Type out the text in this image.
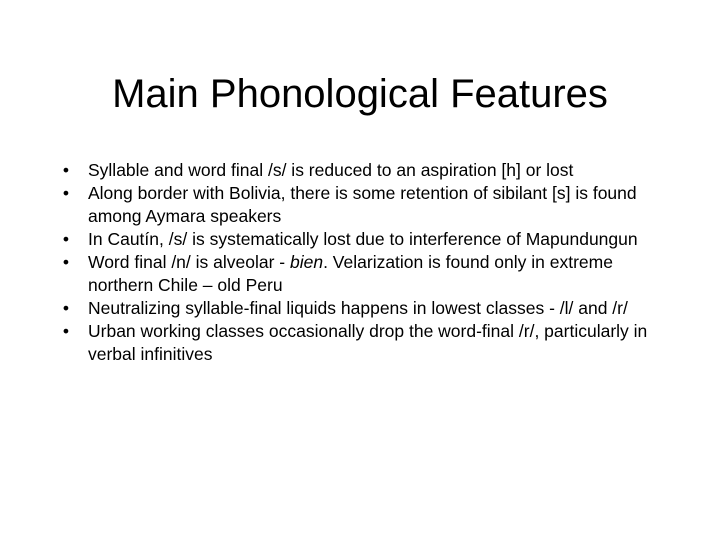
Main Phonological Features
•	Syllable and word final /s/ is reduced to an aspiration [h] or lost
•	Along border with Bolivia, there is some retention of sibilant [s] is found among Aymara speakers
•	In Cautín, /s/ is systematically lost due to interference of Mapundungun
•	Word final /n/ is alveolar - bien. Velarization is found only in extreme northern Chile – old Peru
•	Neutralizing syllable-final liquids happens in lowest classes - /l/ and /r/
•	Urban working classes occasionally drop the word-final /r/, particularly in verbal infinitives
